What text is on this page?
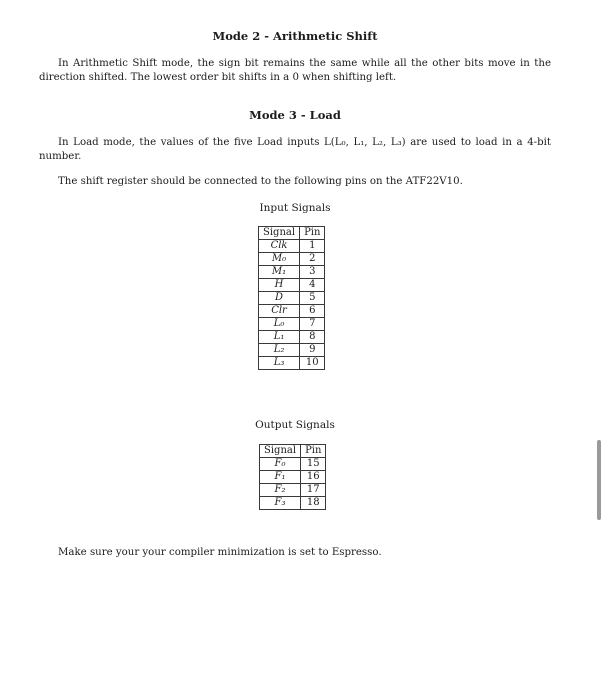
Mode 2 - Arithmetic Shift
In Arithmetic Shift mode, the sign bit remains the same while all the other bits move in the direction shifted. The lowest order bit shifts in a 0 when shifting left.
Mode 3 - Load
In Load mode, the values of the five Load inputs L(L₀, L₁, L₂, L₃) are used to load in a 4-bit number.
The shift register should be connected to the following pins on the ATF22V10.
Input Signals
Signal	Pin
Clk	1
M₀	2
M₁	3
H	4
D	5
Clr	6
L₀	7
L₁	8
L₂	9
L₃	10
Output Signals
Signal	Pin
F₀	15
F₁	16
F₂	17
F₃	18
Make sure your your compiler minimization is set to Espresso.
